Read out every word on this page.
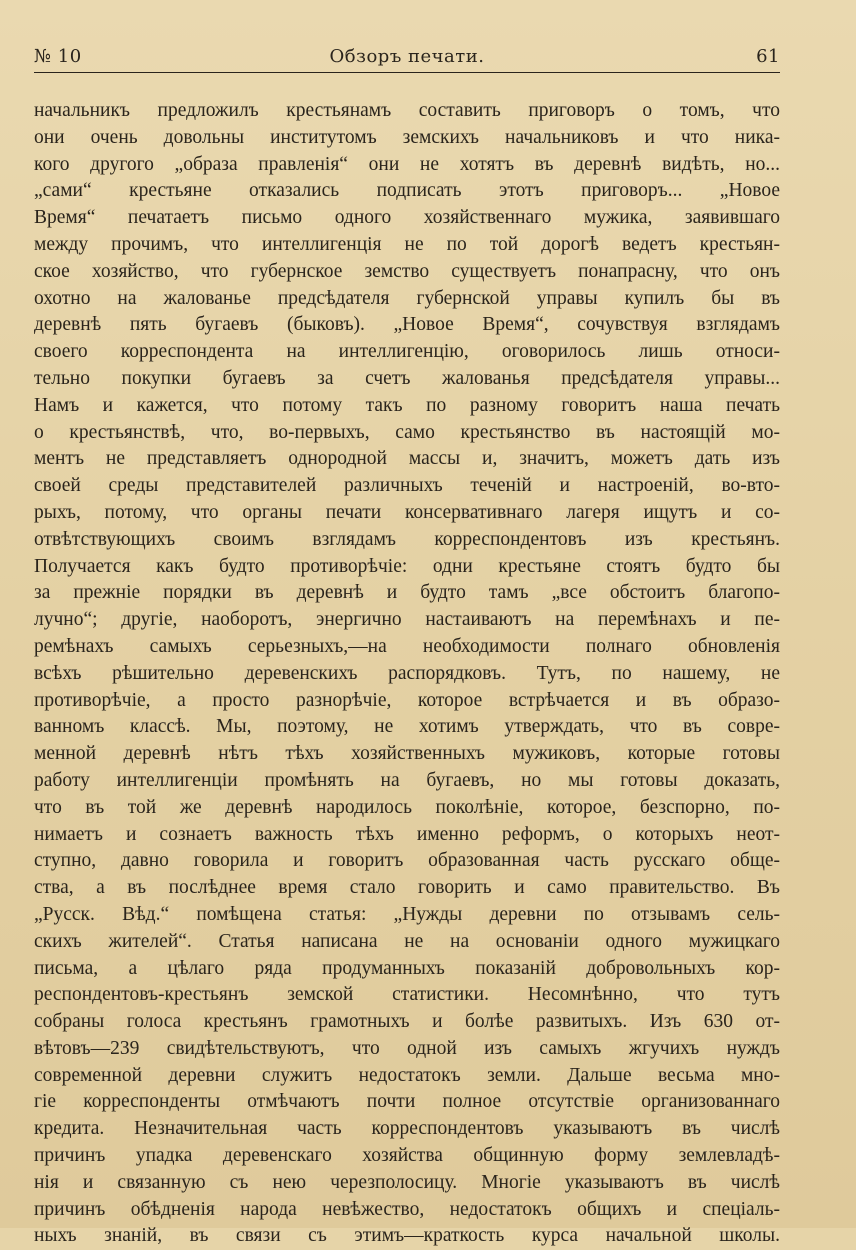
№ 10	Обзоръ печати.	61
начальникъ предложилъ крестьянамъ составить приговоръ о томъ, что
они очень довольны институтомъ земскихъ начальниковъ и что ника-
кого другого „образа правленія“ они не хотятъ въ деревнѣ видѣть, но...
„сами“ крестьяне отказались подписать этотъ приговоръ... „Новое
Время“ печатаетъ письмо одного хозяйственнаго мужика, заявившаго
между прочимъ, что интеллигенція не по той дорогѣ ведетъ крестьян-
ское хозяйство, что губернское земство существуетъ понапрасну, что онъ
охотно на жалованье предсѣдателя губернской управы купилъ бы въ
деревнѣ пять бугаевъ (быковъ). „Новое Время“, сочувствуя взглядамъ
своего корреспондента на интеллигенцію, оговорилось лишь относи-
тельно покупки бугаевъ за счетъ жалованья предсѣдателя управы...
Намъ и кажется, что потому такъ по разному говоритъ наша печать
о крестьянствѣ, что, во-первыхъ, само крестьянство въ настоящій мо-
ментъ не представляетъ однородной массы и, значитъ, можетъ дать изъ
своей среды представителей различныхъ теченій и настроеній, во-вто-
рыхъ, потому, что органы печати консервативнаго лагеря ищутъ и со-
отвѣтствующихъ своимъ взглядамъ корреспондентовъ изъ крестьянъ.
Получается какъ будто противорѣчіе: одни крестьяне стоятъ будто бы
за прежніе порядки въ деревнѣ и будто тамъ „все обстоитъ благопо-
лучно“; другіе, наоборотъ, энергично настаиваютъ на перемѣнахъ и пе-
ремѣнахъ самыхъ серьезныхъ,—на необходимости полнаго обновленія
всѣхъ рѣшительно деревенскихъ распорядковъ. Тутъ, по нашему, не
противорѣчіе, а просто разнорѣчіе, которое встрѣчается и въ образо-
ванномъ классѣ. Мы, поэтому, не хотимъ утверждать, что въ совре-
менной деревнѣ нѣтъ тѣхъ хозяйственныхъ мужиковъ, которые готовы
работу интеллигенціи промѣнять на бугаевъ, но мы готовы доказать,
что въ той же деревнѣ народилось поколѣніе, которое, безспорно, по-
нимаетъ и сознаетъ важность тѣхъ именно реформъ, о которыхъ неот-
ступно, давно говорила и говоритъ образованная часть русскаго обще-
ства, а въ послѣднее время стало говорить и само правительство. Въ
„Русск. Вѣд.“ помѣщена статья: „Нужды деревни по отзывамъ сель-
скихъ жителей“. Статья написана не на основаніи одного мужицкаго
письма, а цѣлаго ряда продуманныхъ показаній добровольныхъ кор-
респондентовъ-крестьянъ земской статистики. Несомнѣнно, что тутъ
собраны голоса крестьянъ грамотныхъ и болѣе развитыхъ. Изъ 630 от-
вѣтовъ—239 свидѣтельствуютъ, что одной изъ самыхъ жгучихъ нуждъ
современной деревни служитъ недостатокъ земли. Дальше весьма мно-
гіе корреспонденты отмѣчаютъ почти полное отсутствіе организованнаго
кредита. Незначительная часть корреспондентовъ указываютъ въ числѣ
причинъ упадка деревенскаго хозяйства общинную форму землевладѣ-
нія и связанную съ нею черезполосицу. Многіе указываютъ въ числѣ
причинъ обѣдненія народа невѣжество, недостатокъ общихъ и спеціаль-
ныхъ знаній, въ связи съ этимъ—краткость курса начальной школы.
